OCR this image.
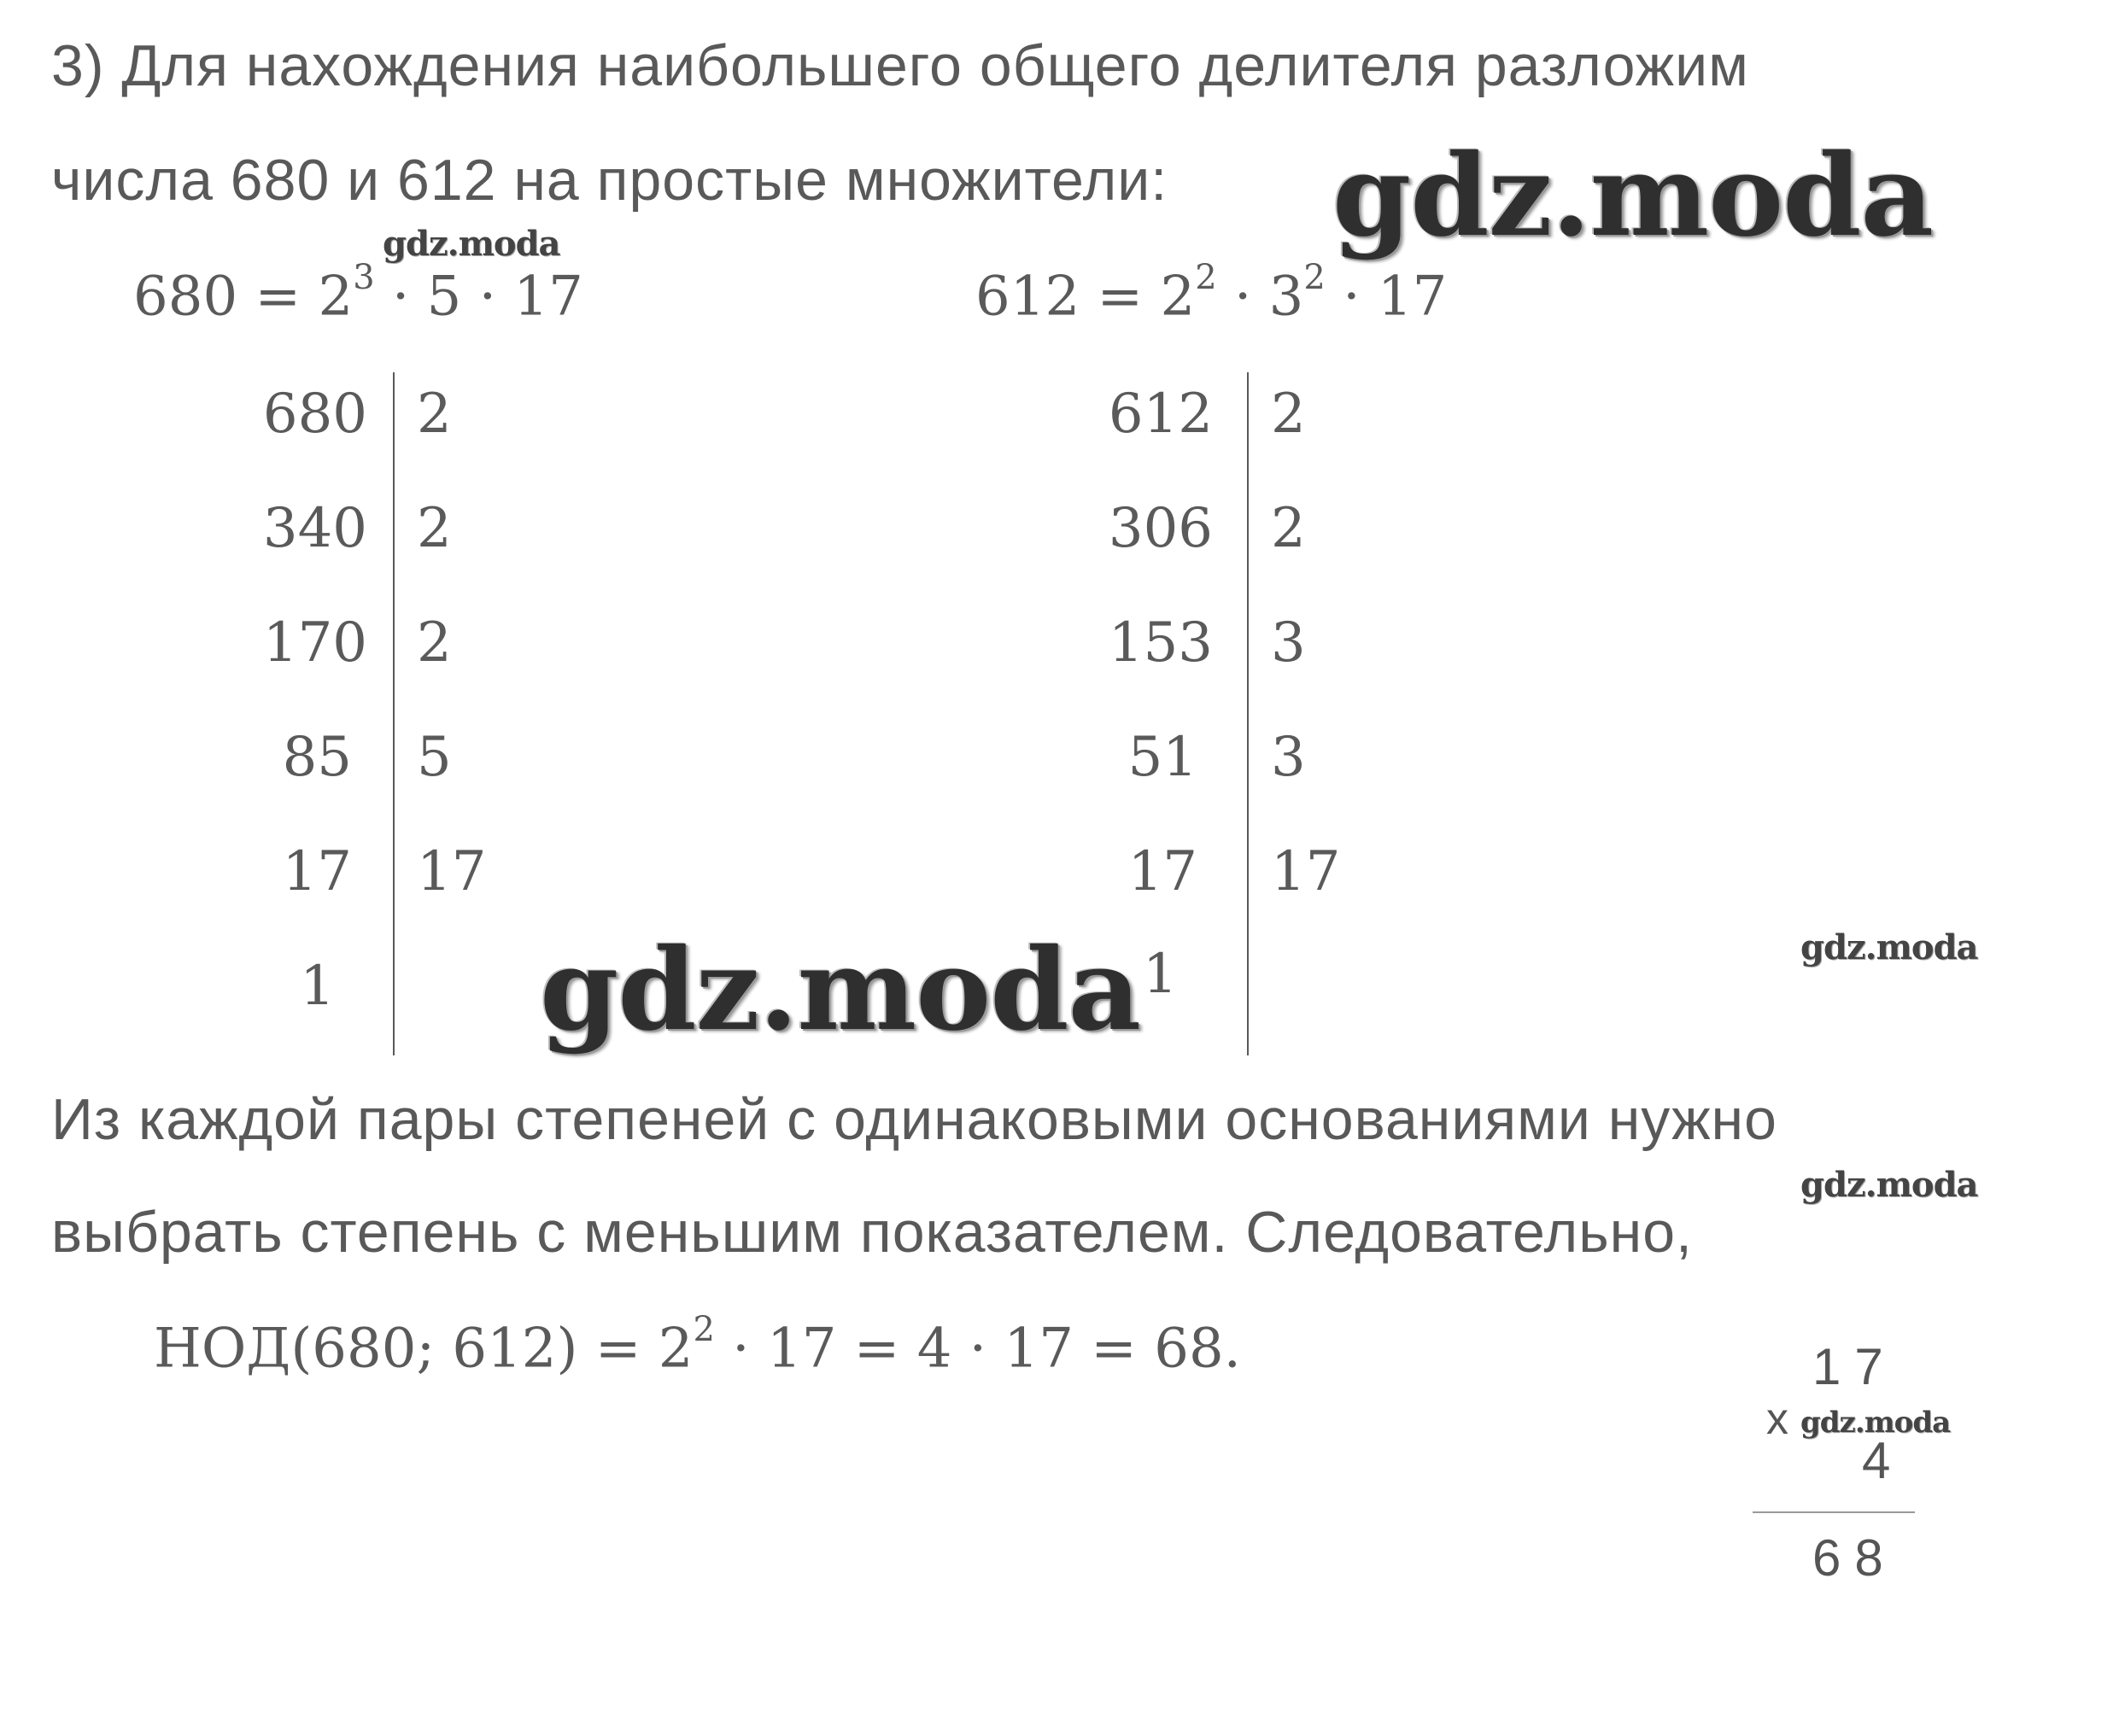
3) Для нахождения наибольшего общего делителя разложим
числа 680 и 612 на простые множители:
$680 = 2^3 \cdot 5 \cdot 17$	$612 = 2^2 \cdot 3^2 \cdot 17$
680
340
170
85
17
1
2
2
2
5
17
612
306
153
51
17
2
2
3
3
17
gdz.moda 1
gdz.moda
gdz.moda
gdz.moda
gdz.moda
Из каждой пары степеней с одинаковыми основаниями нужно
выбрать степень с меньшим показателем. Следовательно,
НОД(680; $612) = 2^2 \cdot 17 = 4 \cdot 17 = 68$.	17
x gdz.moda
4
68
